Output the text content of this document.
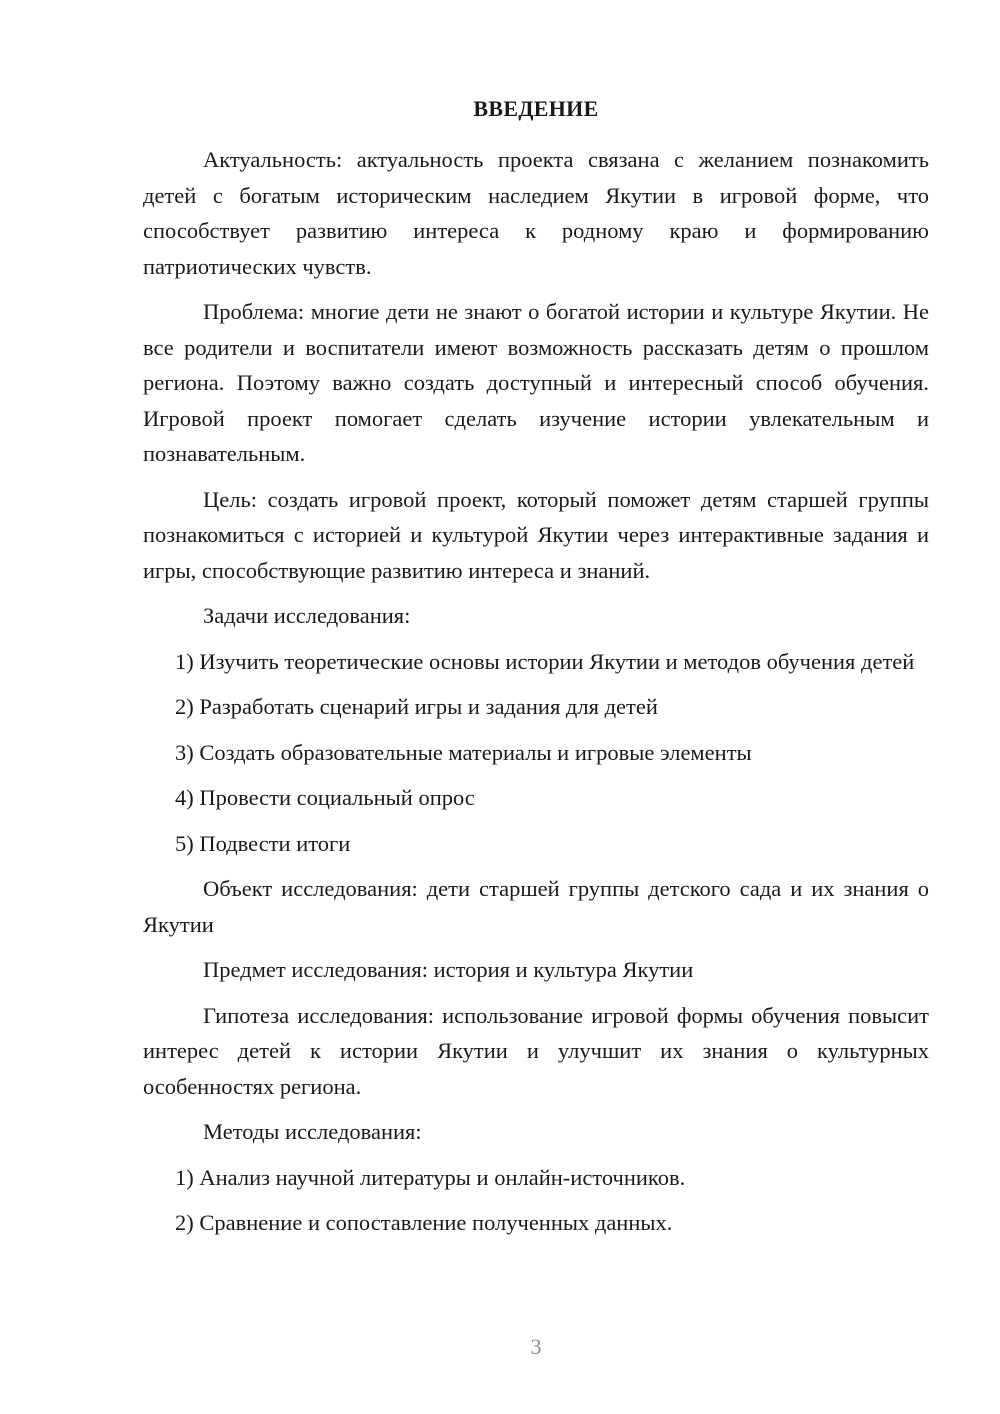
ВВЕДЕНИЕ

Актуальность: актуальность проекта связана с желанием познакомить детей с богатым историческим наследием Якутии в игровой форме, что способствует развитию интереса к родному краю и формированию патриотических чувств.

Проблема: многие дети не знают о богатой истории и культуре Якутии. Не все родители и воспитатели имеют возможность рассказать детям о прошлом региона. Поэтому важно создать доступный и интересный способ обучения. Игровой проект помогает сделать изучение истории увлекательным и познавательным.

Цель: создать игровой проект, который поможет детям старшей группы познакомиться с историей и культурой Якутии через интерактивные задания и игры, способствующие развитию интереса и знаний.

Задачи исследования:

1) Изучить теоретические основы истории Якутии и методов обучения детей

2) Разработать сценарий игры и задания для детей

3) Создать образовательные материалы и игровые элементы

4) Провести социальный опрос

5) Подвести итоги

Объект исследования: дети старшей группы детского сада и их знания о Якутии

Предмет исследования: история и культура Якутии

Гипотеза исследования: использование игровой формы обучения повысит интерес детей к истории Якутии и улучшит их знания о культурных особенностях региона.

Методы исследования:

1) Анализ научной литературы и онлайн-источников.

2) Сравнение и сопоставление полученных данных.

3
